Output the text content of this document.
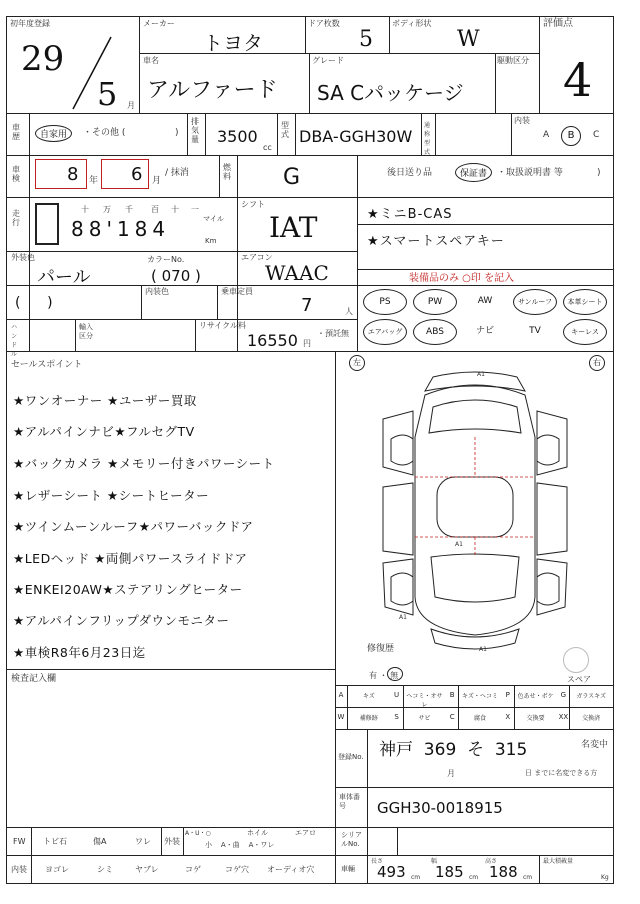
初年度登録
29
5 月
メーカー
トヨタ
ドア枚数
5
ボディ形状
W
評価点
4
車名
アルファード
グレード
SA Cパッケージ
駆動区分
車歴	自家用	・その他 (	)
排気量 3500
cc
型式 DBA-GGH30W
通称型式
内装
A	B	C
車検	8 年 6 月
/ 抹消
燃料 G	後日送り品	保証書	・取扱説明書 等	)
走行
十 万 千 百 十 一
88'184	マイル
Km
シフト
IAT	★ミニB-CAS
★スマートスペアキー
外装色
パール
カラーNo.
( 070 )
エアコン
WAAC	装備品のみ ○印 を記入
(      )
内装色	乗車定員
7	人
PS	PW	AW	サンルーフ	本革シート
エアバッグ	ABS	ナビ	TV	キーレス
ハンドル
輸入区分
リサイクル料
16550 円
・預託無
セールスポイント
★ワンオーナー ★ユーザー買取
★アルパインナビ★フルセグTV
★バックカメラ ★メモリー付きパワーシート
★レザーシート ★シートヒーター
★ツインムーンルーフ★パワーバックドア
★LEDヘッド ★両側パワースライドドア
★ENKEI20AW★ステアリングヒーター
★アルパインフリップダウンモニター
★車検R8年6月23日迄
左	右
A1
A1
A1
A1
修復歴
有 ・ 無	スペア
検査記入欄
A	キズ	U	ヘコミ・オサレ
B	キズ・ヘコミ	P	色あせ・ボケ	G	ガラスキズ
W	補修跡	S	サビ	C	腐食	X	交換要	XX	交換済
登録No. 神戸  369  そ  315	名変中
月	日 までに名変できる方
車体番号	GGH30-0018915
FW トビ石	傷A	ワレ 外装
ホイル	エアロ
小    A・曲    A・ワレ
A・U・○	シリアルNo.
内装 ヨゴレ	シミ	ヤブレ	コゲ	コゲ穴 オーディオ穴	車輛
長さ
493 cm
幅
185 cm
高さ
188 cm
最大積載量
Kg
